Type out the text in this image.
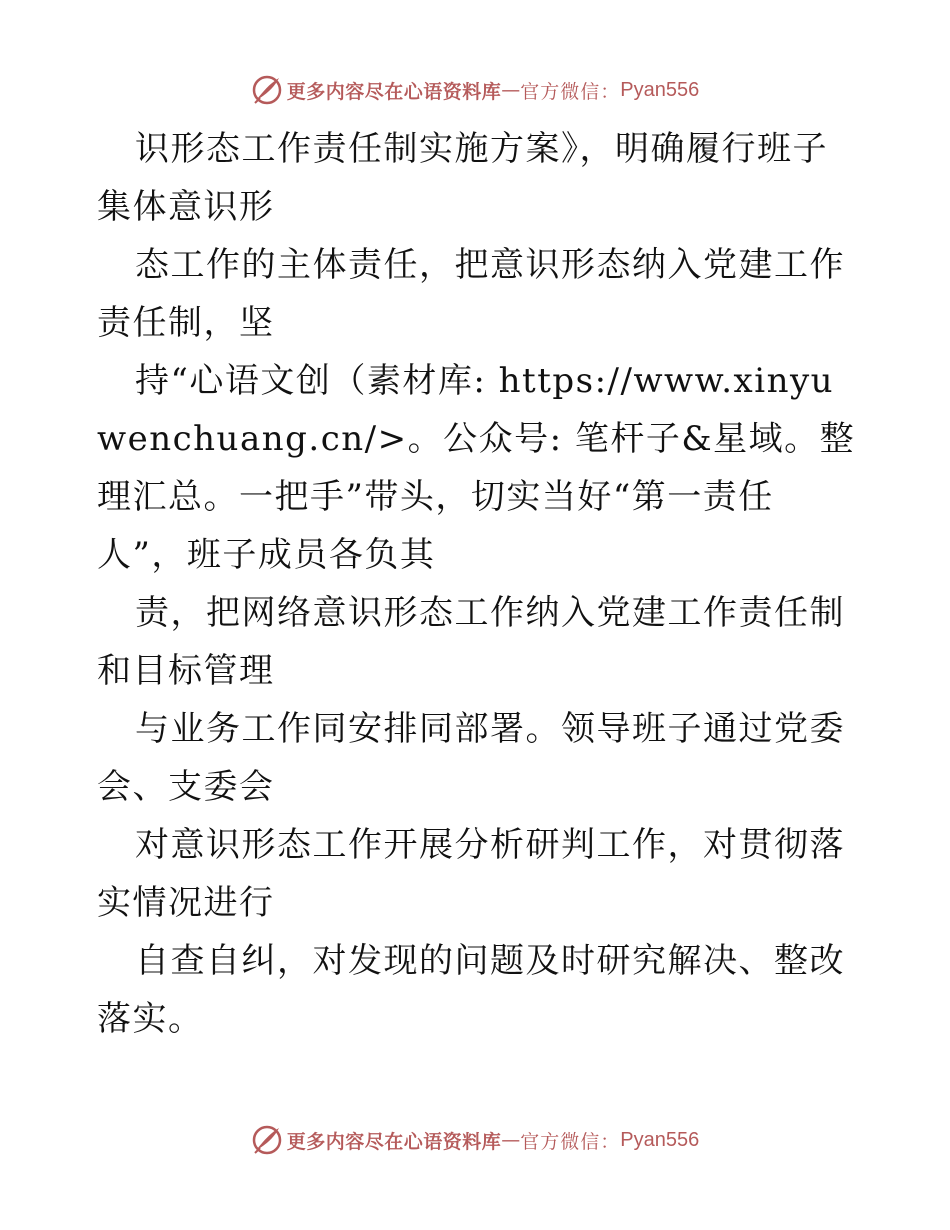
更多内容尽在心语资料库 — 官方微信： Pyan556

识形态工作责任制实施方案》，明确履行班子集体意识形

态工作的主体责任，把意识形态纳入党建工作责任制，坚

持“心语文创（素材库: https://www.xinyuwenchuang.cn/>。公众号: 笔杆子&星域。整理汇总。一把手”带头，切实当好“第一责任人”，班子成员各负其

责，把网络意识形态工作纳入党建工作责任制和目标管理

与业务工作同安排同部署。领导班子通过党委会、支委会

对意识形态工作开展分析研判工作，对贯彻落实情况进行

自查自纠，对发现的问题及时研究解决、整改落实。

更多内容尽在心语资料库 — 官方微信： Pyan556
